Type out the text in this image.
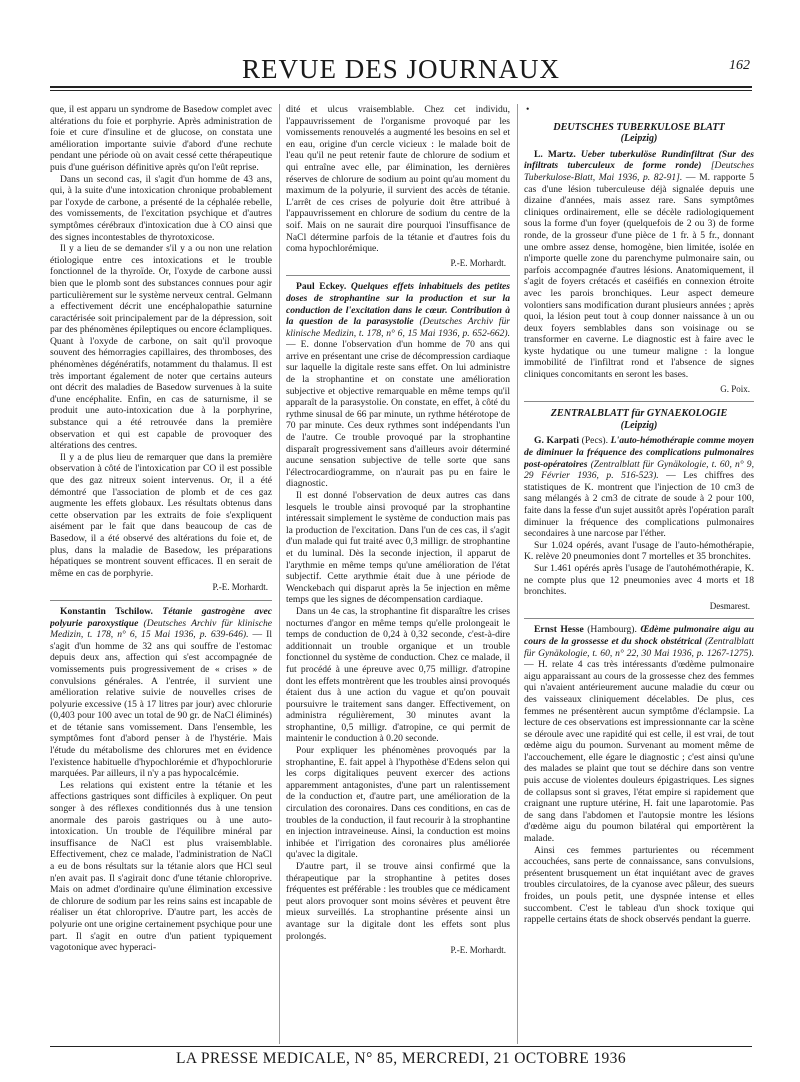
REVUE DES JOURNAUX	162

que, il est apparu un syndrome de Basedow complet avec altérations du foie et porphyrie. Après administration de foie et cure d'insuline et de glucose, on constata une amélioration importante suivie d'abord d'une rechute pendant une période où on avait cessé cette thérapeutique puis d'une guérison définitive après qu'on l'eût reprise.

Dans un second cas, il s'agit d'un homme de 43 ans, qui, à la suite d'une intoxication chronique probablement par l'oxyde de carbone, a présenté de la céphalée rebelle, des vomissements, de l'excitation psychique et d'autres symptômes cérébraux d'intoxication due à CO ainsi que des signes incontestables de thyrotoxicose.

Il y a lieu de se demander s'il y a ou non une relation étiologique entre ces intoxications et le trouble fonctionnel de la thyroïde. Or, l'oxyde de carbone aussi bien que le plomb sont des substances connues pour agir particulièrement sur le système nerveux central. Gelmann a effectivement décrit une encéphalopathie saturnine caractérisée soit principalement par de la dépression, soit par des phénomènes épileptiques ou encore éclampliques. Quant à l'oxyde de carbone, on sait qu'il provoque souvent des hémorragies capillaires, des thromboses, des phénomènes dégénératifs, notamment du thalamus. Il est très important également de noter que certains auteurs ont décrit des maladies de Basedow survenues à la suite d'une encéphalite. Enfin, en cas de saturnisme, il se produit une auto-intoxication due à la porphyrine, substance qui a été retrouvée dans la première observation et qui est capable de provoquer des altérations des centres.

Il y a de plus lieu de remarquer que dans la première observation à côté de l'intoxication par CO il est possible que des gaz nitreux soient intervenus. Or, il a été démontré que l'association de plomb et de ces gaz augmente les effets globaux. Les résultats obtenus dans cette observation par les extraits de foie s'expliquent aisément par le fait que dans beaucoup de cas de Basedow, il a été observé des altérations du foie et, de plus, dans la maladie de Basedow, les préparations hépatiques se montrent souvent efficaces. Il en serait de même en cas de porphyrie.

P.-E. Morhardt.

Konstantin Tschilow. Tétanie gastrogène avec polyurie paroxystique (Deutsches Archiv für klinische Medizin, t. 178, n° 6, 15 Mai 1936, p. 639-646). — Il s'agit d'un homme de 32 ans qui souffre de l'estomac depuis deux ans, affection qui s'est accompagnée de vomissements puis progressivement de « crises » de convulsions générales. A l'entrée, il survient une amélioration relative suivie de nouvelles crises de polyurie excessive (15 à 17 litres par jour) avec chlorurie (0,403 pour 100 avec un total de 90 gr. de NaCl éliminés) et de tétanie sans vomissement. Dans l'ensemble, les symptômes font d'abord penser à de l'hystérie. Mais l'étude du métabolisme des chlorures met en évidence l'existence habituelle d'hypochlorémie et d'hypochlorurie marquées. Par ailleurs, il n'y a pas hypocalcémie.

Les relations qui existent entre la tétanie et les affections gastriques sont difficiles à expliquer. On peut songer à des réflexes conditionnés dus à une tension anormale des parois gastriques ou à une auto-intoxication. Un trouble de l'équilibre minéral par insuffisance de NaCl est plus vraisemblable. Effectivement, chez ce malade, l'administration de NaCl a eu de bons résultats sur la tétanie alors que HCl seul n'en avait pas. Il s'agirait donc d'une tétanie chloroprive. Mais on admet d'ordinaire qu'une élimination excessive de chlorure de sodium par les reins sains est incapable de réaliser un état chloroprive. D'autre part, les accès de polyurie ont une origine certainement psychique pour une part. Il s'agit en outre d'un patient typiquement vagotonique avec hyperaci-

dité et ulcus vraisemblable. Chez cet individu, l'appauvrissement de l'organisme provoqué par les vomissements renouvelés a augmenté les besoins en sel et en eau, origine d'un cercle vicieux : le malade boit de l'eau qu'il ne peut retenir faute de chlorure de sodium et qui entraîne avec elle, par élimination, les dernières réserves de chlorure de sodium au point qu'au moment du maximum de la polyurie, il survient des accès de tétanie. L'arrêt de ces crises de polyurie doit être attribué à l'appauvrissement en chlorure de sodium du centre de la soif. Mais on ne saurait dire pourquoi l'insuffisance de NaCl détermine parfois de la tétanie et d'autres fois du coma hypochlorémique.

P.-E. Morhardt.

Paul Eckey. Quelques effets inhabituels des petites doses de strophantine sur la production et sur la conduction de l'excitation dans le cœur. Contribution à la question de la parasystolie (Deutsches Archiv für klinische Medizin, t. 178, n° 6, 15 Mai 1936, p. 652-662). — E. donne l'observation d'un homme de 70 ans qui arrive en présentant une crise de décompression cardiaque sur laquelle la digitale reste sans effet. On lui administre de la strophantine et on constate une amélioration subjective et objective remarquable en même temps qu'il apparaît de la parasystolie. On constate, en effet, à côté du rythme sinusal de 66 par minute, un rythme hétérotope de 70 par minute. Ces deux rythmes sont indépendants l'un de l'autre. Ce trouble provoqué par la strophantine disparaît progressivement sans d'ailleurs avoir déterminé aucune sensation subjective de telle sorte que sans l'électrocardiogramme, on n'aurait pas pu en faire le diagnostic.

Il est donné l'observation de deux autres cas dans lesquels le trouble ainsi provoqué par la strophantine intéressait simplement le système de conduction mais pas la production de l'excitation. Dans l'un de ces cas, il s'agit d'un malade qui fut traité avec 0,3 milligr. de strophantine et du luminal. Dès la seconde injection, il apparut de l'arythmie en même temps qu'une amélioration de l'état subjectif. Cette arythmie était due à une période de Wenckebach qui disparut après la 5e injection en même temps que les signes de décompensation cardiaque.

Dans un 4e cas, la strophantine fit disparaître les crises nocturnes d'angor en même temps qu'elle prolongeait le temps de conduction de 0,24 à 0,32 seconde, c'est-à-dire additionnait un trouble organique et un trouble fonctionnel du système de conduction. Chez ce malade, il fut procédé à une épreuve avec 0,75 milligr. d'atropine dont les effets montrèrent que les troubles ainsi provoqués étaient dus à une action du vague et qu'on pouvait poursuivre le traitement sans danger. Effectivement, on administra régulièrement, 30 minutes avant la strophantine, 0,5 milligr. d'atropine, ce qui permit de maintenir le conduction à 0.20 seconde.

Pour expliquer les phénomènes provoqués par la strophantine, E. fait appel à l'hypothèse d'Edens selon qui les corps digitaliques peuvent exercer des actions apparemment antagonistes, d'une part un ralentissement de la conduction et, d'autre part, une amélioration de la circulation des coronaires. Dans ces conditions, en cas de troubles de la conduction, il faut recourir à la strophantine en injection intraveineuse. Ainsi, la conduction est moins inhibée et l'irrigation des coronaires plus améliorée qu'avec la digitale.

D'autre part, il se trouve ainsi confirmé que la thérapeutique par la strophantine à petites doses fréquentes est préférable : les troubles que ce médicament peut alors provoquer sont moins sévères et peuvent être mieux surveillés. La strophantine présente ainsi un avantage sur la digitale dont les effets sont plus prolongés.

P.-E. Morhardt.
•
DEUTSCHES TUBERKULOSE BLATT
(Leipzig)

L. Martz. Ueber tuberkulöse Rundinfiltrat (Sur des infiltrats tuberculeux de forme ronde) [Deutsches Tuberkulose-Blatt, Mai 1936, p. 82-91]. — M. rapporte 5 cas d'une lésion tuberculeuse déjà signalée depuis une dizaine d'années, mais assez rare. Sans symptômes cliniques ordinairement, elle se décèle radiologiquement sous la forme d'un foyer (quelquefois de 2 ou 3) de forme ronde, de la grosseur d'une pièce de 1 fr. à 5 fr., donnant une ombre assez dense, homogène, bien limitée, isolée en n'importe quelle zone du parenchyme pulmonaire sain, ou parfois accompagnée d'autres lésions. Anatomiquement, il s'agit de foyers crétacés et caséifiés en connexion étroite avec les parois bronchiques. Leur aspect demeure volontiers sans modification durant plusieurs années ; après quoi, la lésion peut tout à coup donner naissance à un ou deux foyers semblables dans son voisinage ou se transformer en caverne. Le diagnostic est à faire avec le kyste hydatique ou une tumeur maligne : la longue immobilité de l'infiltrat rond et l'absence de signes cliniques concomitants en seront les bases.

G. Poix.
ZENTRALBLATT für GYNAEKOLOGIE
(Leipzig)

G. Karpati (Pecs). L'auto-hémothérapie comme moyen de diminuer la fréquence des complications pulmonaires post-opératoires (Zentralblatt für Gynäkologie, t. 60, n° 9, 29 Février 1936, p. 516-523). — Les chiffres des statistiques de K. montrent que l'injection de 10 cm3 de sang mélangés à 2 cm3 de citrate de soude à 2 pour 100, faite dans la fesse d'un sujet aussitôt après l'opération paraît diminuer la fréquence des complications pulmonaires secondaires à une narcose par l'éther.

Sur 1.024 opérés, avant l'usage de l'auto-hémothérapie, K. relève 20 pneumonies dont 7 mortelles et 35 bronchites.

Sur 1.461 opérés après l'usage de l'autohémothérapie, K. ne compte plus que 12 pneumonies avec 4 morts et 18 bronchites.

Desmarest.

Ernst Hesse (Hambourg). Œdème pulmonaire aigu au cours de la grossesse et du shock obstétrical (Zentralblatt für Gynäkologie, t. 60, n° 22, 30 Mai 1936, p. 1267-1275). — H. relate 4 cas très intéressants d'œdème pulmonaire aigu apparaissant au cours de la grossesse chez des femmes qui n'avaient antérieurement aucune maladie du cœur ou des vaisseaux cliniquement décelables. De plus, ces femmes ne présentèrent aucun symptôme d'éclampsie. La lecture de ces observations est impressionnante car la scène se déroule avec une rapidité qui est celle, il est vrai, de tout œdème aigu du poumon. Survenant au moment même de l'accouchement, elle égare le diagnostic ; c'est ainsi qu'une des malades se plaint que tout se déchire dans son ventre puis accuse de violentes douleurs épigastriques. Les signes de collapsus sont si graves, l'état empire si rapidement que craignant une rupture utérine, H. fait une laparotomie. Pas de sang dans l'abdomen et l'autopsie montre les lésions d'œdème aigu du poumon bilatéral qui emportèrent la malade.

Ainsi ces femmes parturientes ou récemment accouchées, sans perte de connaissance, sans convulsions, présentent brusquement un état inquiétant avec de graves troubles circulatoires, de la cyanose avec pâleur, des sueurs froides, un pouls petit, une dyspnée intense et elles succombent. C'est le tableau d'un shock toxique qui rappelle certains états de shock observés pendant la guerre.

LA PRESSE MEDICALE, N° 85, MERCREDI, 21 OCTOBRE 1936
